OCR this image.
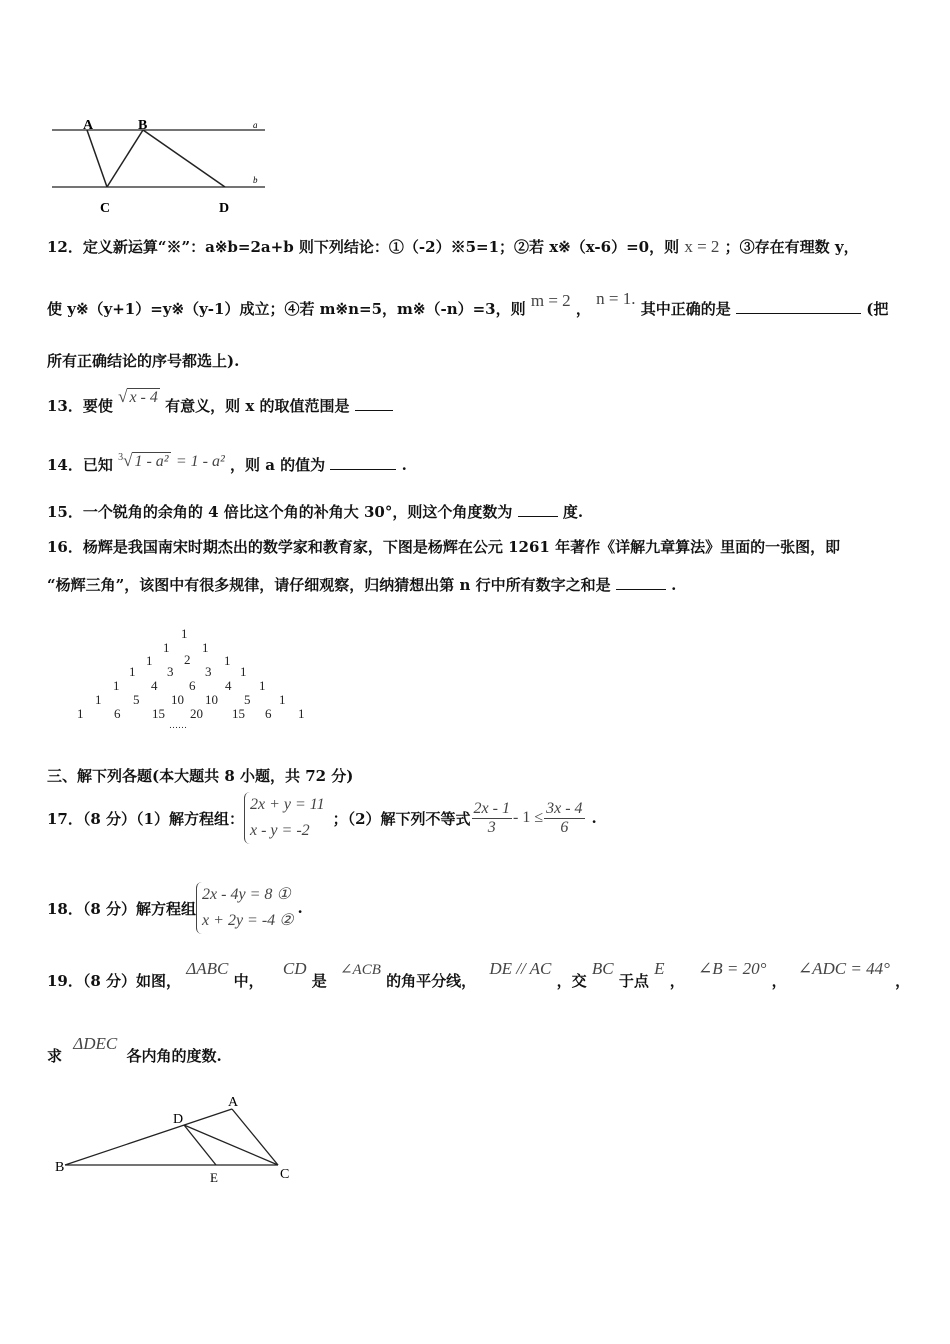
A	B	a
b
C	D
12．定义新运算“※”：a※b=2a+b 则下列结论：①（-2）※5=1；②若 x※（x-6）=0，则 x = 2 ；③存在有理数 y，
使 y※（y+1）=y※（y-1）成立；④若 m※n=5，m※（-n）=3，则 m = 2 ， n = 1. 其中正确的是	(把
所有正确结论的序号都选上).
13．要使 √ x - 4 有意义，则 x 的取值范围是
14．已知 $^3$√ 1 - a² = 1 - a² ，则 a 的值为	.
15．一个锐角的余角的 4 倍比这个角的补角大 30°，则这个角度数为	度.
16．杨辉是我国南宋时期杰出的数学家和教育家，下图是杨辉在公元 1261 年著作《详解九章算法》里面的一张图，即
“杨辉三角”，该图中有很多规律，请仔细观察，归纳猜想出第 n 行中所有数字之和是	.
1
1	1
1 2	1
1 3 3 1
1 4 6 4 1
1 5 10 10 5 1
1 6 15 20 15 6 1
……
三、解下列各题(本大题共 8 小题，共 72 分)
17．（8 分）（1）解方程组：
2x + y = 11
x - y = -2
；（2）解下列不等式 $\frac{2x - 1}{3} - 1 \le \frac{3x - 4}{6}$ .
18．（8 分）解方程组
2x - 4y = 8 ①
x + 2y = -4 ②
.
19．（8 分）如图， ΔABC 中， CD 是 ∠ACB 的角平分线， DE // AC ，交 BC 于点 E ， ∠B = 20° ， ∠ADC = 44° ，
求 ΔDEC 各内角的度数.
A
D
B
E	C
